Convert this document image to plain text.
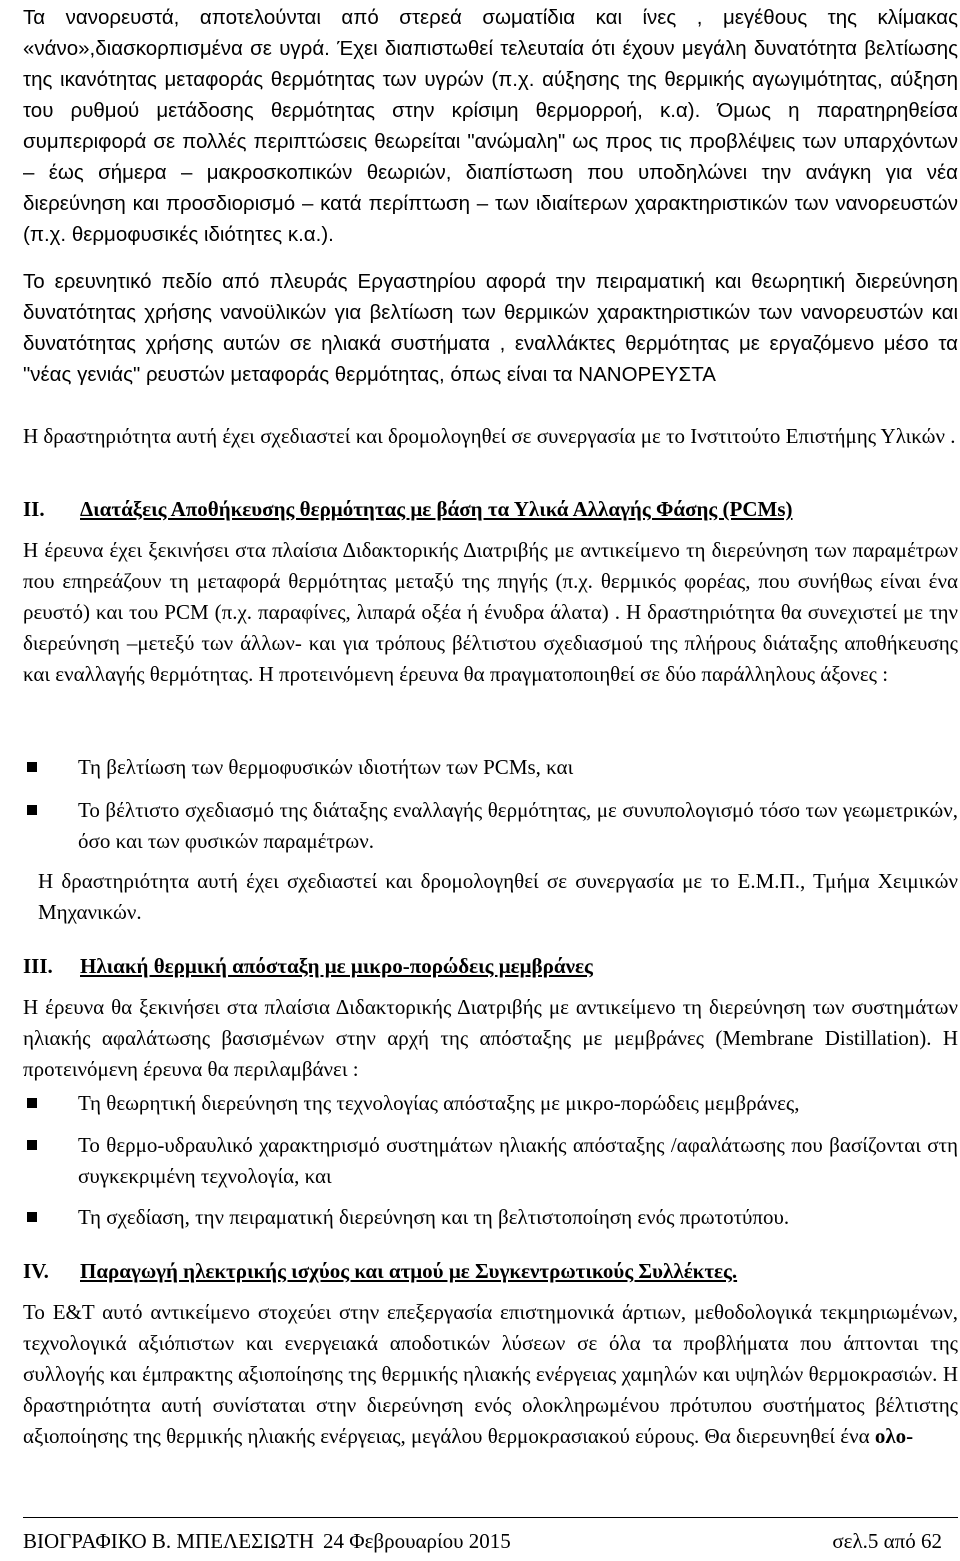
Τα νανορευστά, αποτελούνται από στερεά σωματίδια και ίνες , μεγέθους της κλίμακας «νάνο»,διασκορπισμένα σε υγρά. Έχει διαπιστωθεί τελευταία ότι έχουν μεγάλη δυνατότητα βελτίωσης της ικανότητας μεταφοράς θερμότητας των υγρών (π.χ. αύξησης της θερμικής αγωγιμότητας, αύξηση του ρυθμού μετάδοσης θερμότητας στην κρίσιμη θερμορροή, κ.α). Όμως η παρατηρηθείσα συμπεριφορά σε πολλές περιπτώσεις θεωρείται "ανώμαλη" ως προς τις προβλέψεις των υπαρχόντων – έως σήμερα – μακροσκοπικών θεωριών, διαπίστωση που υποδηλώνει την ανάγκη για νέα διερεύνηση και προσδιορισμό – κατά περίπτωση – των ιδιαίτερων χαρακτηριστικών των νανορευστών (π.χ. θερμοφυσικές ιδιότητες κ.α.).

Το ερευνητικό πεδίο από πλευράς Εργαστηρίου αφορά την πειραματική και θεωρητική διερεύνηση δυνατότητας χρήσης νανοϋλικών για βελτίωση των θερμικών χαρακτηριστικών των νανορευστών και δυνατότητας χρήσης αυτών σε ηλιακά συστήματα , εναλλάκτες θερμότητας με εργαζόμενο μέσο τα "νέας γενιάς" ρευστών μεταφοράς θερμότητας, όπως είναι τα ΝΑΝΟΡΕΥΣΤΑ

Η δραστηριότητα αυτή έχει σχεδιαστεί και δρομολογηθεί σε συνεργασία με το Ινστιτούτο Επιστήμης Υλικών .

II. Διατάξεις Αποθήκευσης θερμότητας με βάση τα Υλικά Αλλαγής Φάσης (PCMs)

Η έρευνα έχει ξεκινήσει στα πλαίσια Διδακτορικής Διατριβής με αντικείμενο τη διερεύνηση των παραμέτρων που επηρεάζουν τη μεταφορά θερμότητας μεταξύ της πηγής (π.χ. θερμικός φορέας, που συνήθως είναι ένα ρευστό) και του PCM (π.χ. παραφίνες, λιπαρά οξέα ή ένυδρα άλατα) . Η δραστηριότητα θα συνεχιστεί με την διερεύνηση –μετεξύ των άλλων- και για τρόπους βέλτιστου σχεδιασμού της πλήρους διάταξης αποθήκευσης και εναλλαγής θερμότητας. Η προτεινόμενη έρευνα θα πραγματοποιηθεί σε δύο παράλληλους άξονες :

Τη βελτίωση των θερμοφυσικών ιδιοτήτων των PCMs, και
Το βέλτιστο σχεδιασμό της διάταξης εναλλαγής θερμότητας, με συνυπολογισμό τόσο των γεωμετρικών, όσο και των φυσικών παραμέτρων.

Η δραστηριότητα αυτή έχει σχεδιαστεί και δρομολογηθεί σε συνεργασία με το Ε.Μ.Π., Τμήμα Χειμικών Μηχανικών.

III. Ηλιακή θερμική απόσταξη με μικρο-πορώδεις μεμβράνες

Η έρευνα θα ξεκινήσει στα πλαίσια Διδακτορικής Διατριβής με αντικείμενο τη διερεύνηση των συστημάτων ηλιακής αφαλάτωσης βασισμένων στην αρχή της απόσταξης με μεμβράνες (Membrane Distillation). Η προτεινόμενη έρευνα θα περιλαμβάνει :

Τη θεωρητική διερεύνηση της τεχνολογίας απόσταξης με μικρο-πορώδεις μεμβράνες,
Το θερμο-υδραυλικό χαρακτηρισμό συστημάτων ηλιακής απόσταξης /αφαλάτωσης που βασίζονται στη συγκεκριμένη τεχνολογία, και
Τη σχεδίαση, την πειραματική διερεύνηση και τη βελτιστοποίηση ενός πρωτοτύπου.
IV. Παραγωγή ηλεκτρικής ισχύος και ατμού με Συγκεντρωτικούς Συλλέκτες.

Το Ε&Τ αυτό αντικείμενο στοχεύει στην επεξεργασία επιστημονικά άρτιων, μεθοδολογικά τεκμηριωμένων, τεχνολογικά αξιόπιστων και ενεργειακά αποδοτικών λύσεων σε όλα τα προβλήματα που άπτονται της συλλογής και έμπρακτης αξιοποίησης της θερμικής ηλιακής ενέργειας χαμηλών και υψηλών θερμοκρασιών. Η δραστηριότητα αυτή συνίσταται στην διερεύνηση ενός ολοκληρωμένου πρότυπου συστήματος βέλτιστης αξιοποίησης της θερμικής ηλιακής ενέργειας, μεγάλου θερμοκρασιακού εύρους. Θα διερευνηθεί ένα ολο-

ΒΙΟΓΡΑΦΙΚΟ Β. ΜΠΕΛΕΣΙΩΤΗ 24 Φεβρουαρίου 2015	σελ.5 από 62
